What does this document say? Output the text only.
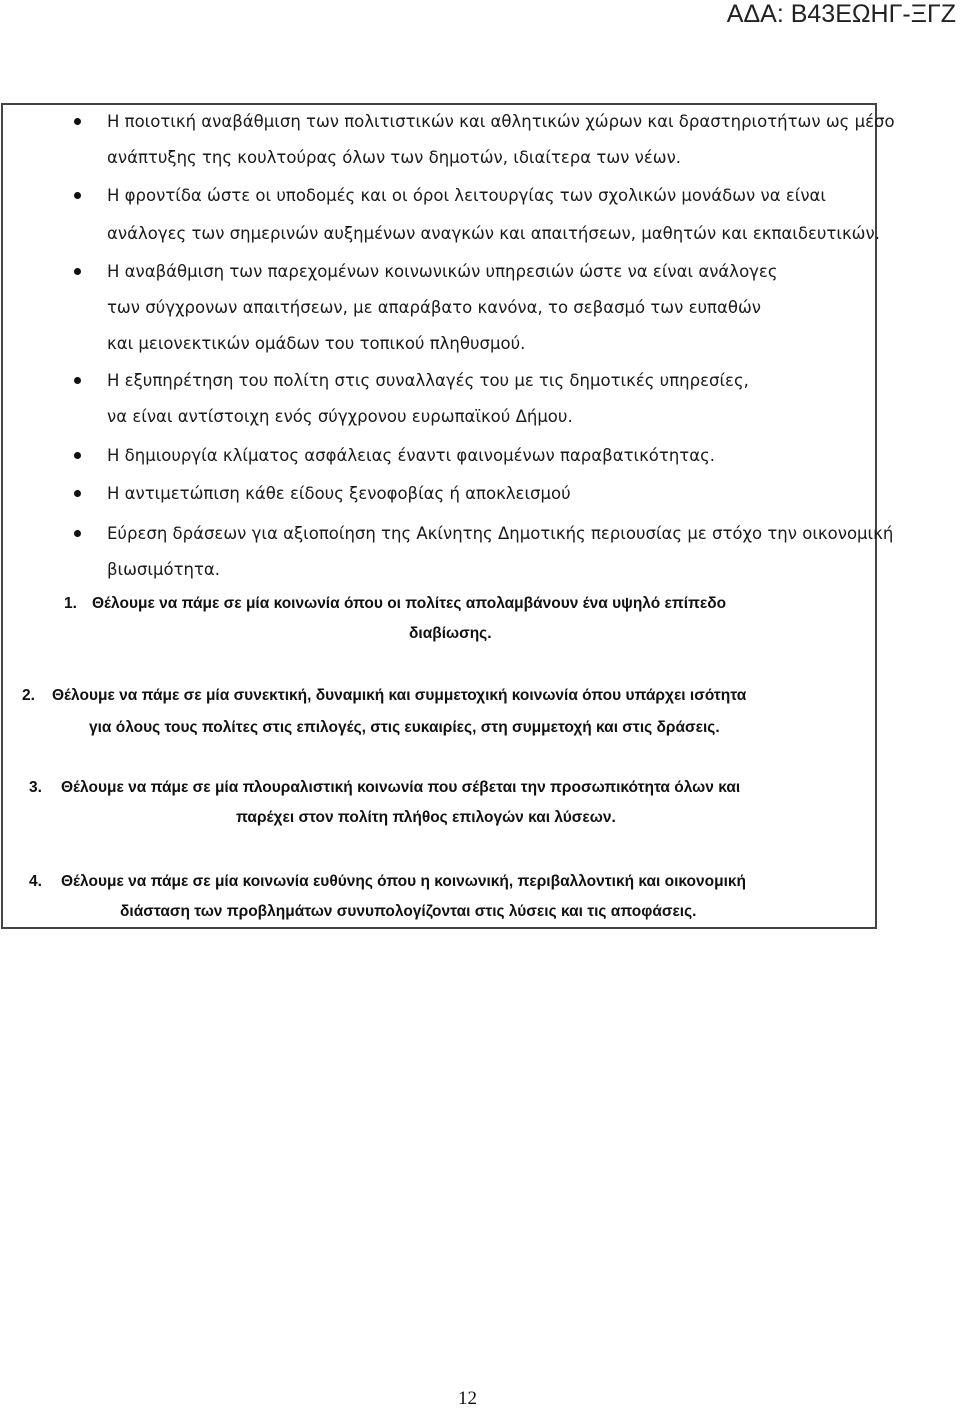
ΑΔΑ: Β43ΕΩΗΓ-ΞΓΖ
Η ποιοτική αναβάθμιση των πολιτιστικών και αθλητικών χώρων και δραστηριοτήτων ως μέσο
ανάπτυξης της κουλτούρας όλων των δημοτών, ιδιαίτερα των νέων.
Η φροντίδα ώστε οι υποδομές και οι όροι λειτουργίας των σχολικών μονάδων να είναι
ανάλογες των σημερινών αυξημένων αναγκών και απαιτήσεων, μαθητών και εκπαιδευτικών.
Η αναβάθμιση των παρεχομένων κοινωνικών υπηρεσιών ώστε να είναι ανάλογες
των σύγχρονων απαιτήσεων, με απαράβατο κανόνα, το σεβασμό των ευπαθών
και μειονεκτικών ομάδων του τοπικού πληθυσμού.
Η εξυπηρέτηση του πολίτη στις συναλλαγές του με τις δημοτικές υπηρεσίες,
να είναι αντίστοιχη ενός σύγχρονου ευρωπαϊκού Δήμου.
Η δημιουργία κλίματος ασφάλειας έναντι φαινομένων παραβατικότητας.
Η αντιμετώπιση κάθε είδους ξενοφοβίας ή αποκλεισμού
Εύρεση δράσεων για αξιοποίηση της Ακίνητης Δημοτικής περιουσίας με στόχο την οικονομική
βιωσιμότητα.
1. Θέλουμε να πάμε σε μία κοινωνία όπου οι πολίτες απολαμβάνουν ένα υψηλό επίπεδο
διαβίωσης.
2. Θέλουμε να πάμε σε μία συνεκτική, δυναμική και συμμετοχική κοινωνία όπου υπάρχει ισότητα
για όλους τους πολίτες στις επιλογές, στις ευκαιρίες, στη συμμετοχή και στις δράσεις.
3. Θέλουμε να πάμε σε μία πλουραλιστική κοινωνία που σέβεται την προσωπικότητα όλων και
παρέχει στον πολίτη πλήθος επιλογών και λύσεων.
4. Θέλουμε να πάμε σε μία κοινωνία ευθύνης όπου η κοινωνική, περιβαλλοντική και οικονομική
διάσταση των προβλημάτων συνυπολογίζονται στις λύσεις και τις αποφάσεις.
12
